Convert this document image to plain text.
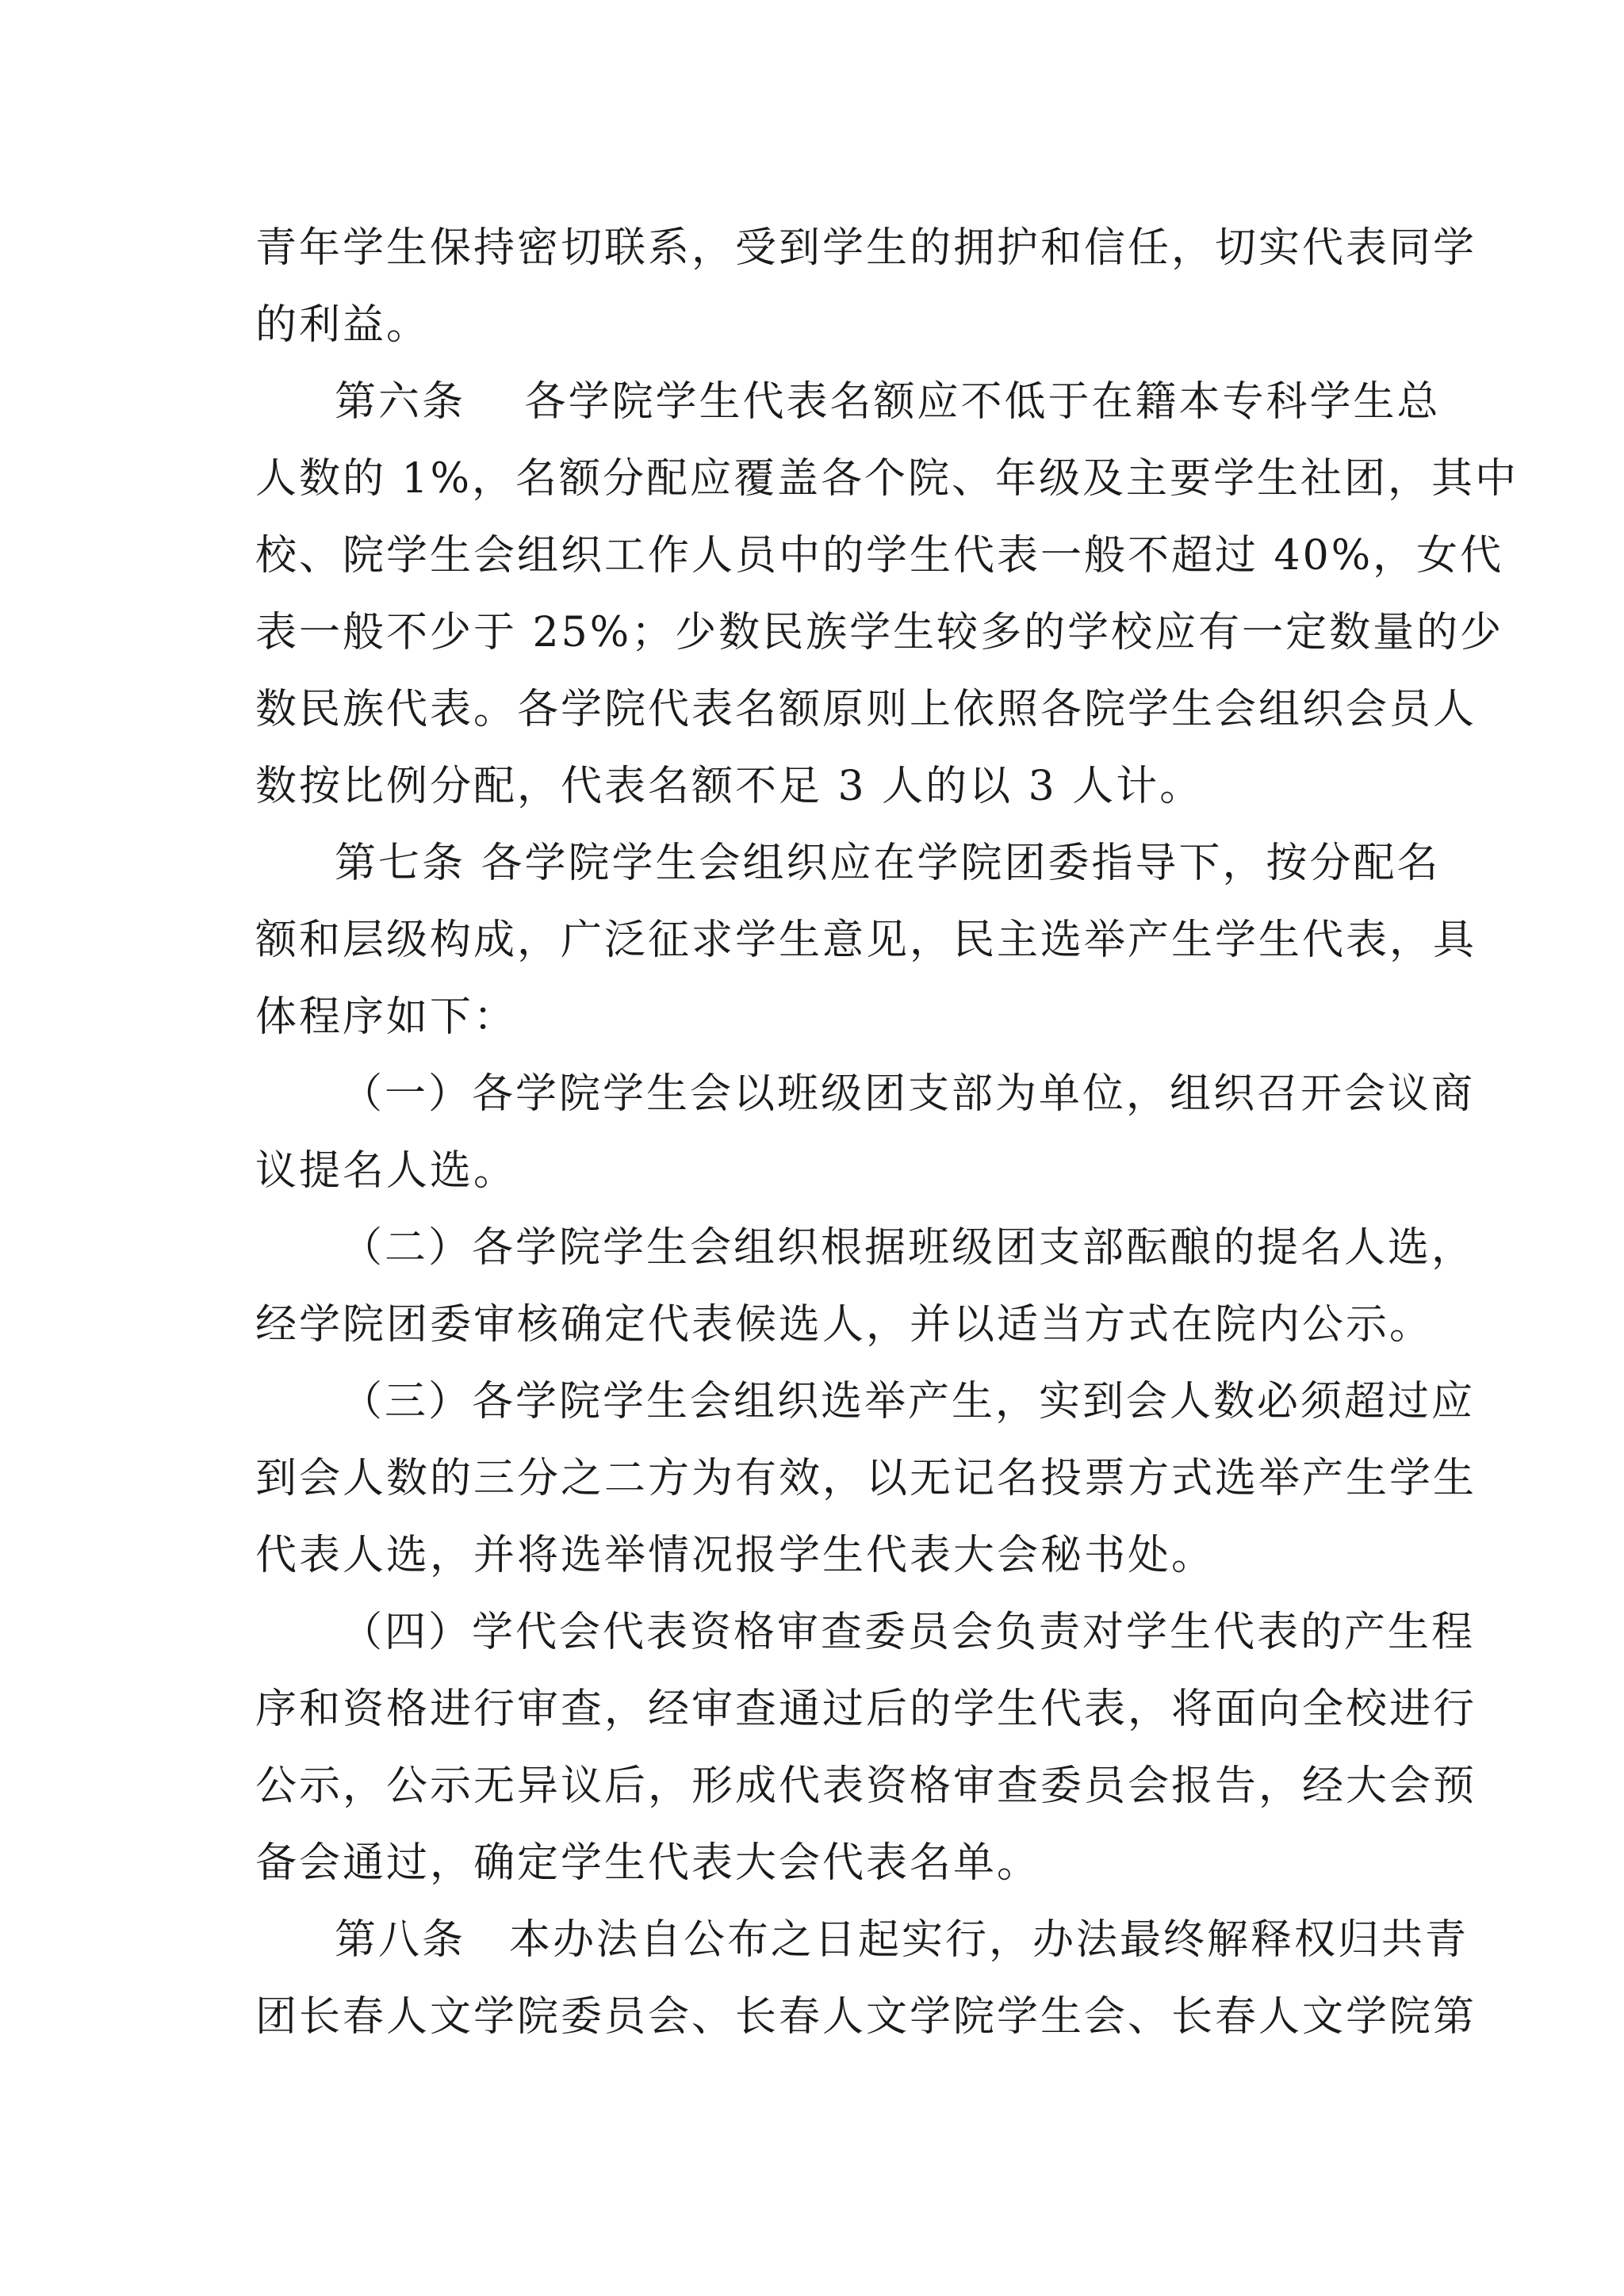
青年学生保持密切联系，受到学生的拥护和信任，切实代表同学
的利益。
第六条　 各学院学生代表名额应不低于在籍本专科学生总
人数的 1%，名额分配应覆盖各个院、年级及主要学生社团，其中
校、院学生会组织工作人员中的学生代表一般不超过 40%，女代
表一般不少于 25%；少数民族学生较多的学校应有一定数量的少
数民族代表。各学院代表名额原则上依照各院学生会组织会员人
数按比例分配，代表名额不足 3 人的以 3 人计。
第七条 各学院学生会组织应在学院团委指导下，按分配名
额和层级构成，广泛征求学生意见，民主选举产生学生代表，具
体程序如下：
（一）各学院学生会以班级团支部为单位，组织召开会议商
议提名人选。
（二）各学院学生会组织根据班级团支部酝酿的提名人选，
经学院团委审核确定代表候选人，并以适当方式在院内公示。
（三）各学院学生会组织选举产生，实到会人数必须超过应
到会人数的三分之二方为有效，以无记名投票方式选举产生学生
代表人选，并将选举情况报学生代表大会秘书处。
（四）学代会代表资格审查委员会负责对学生代表的产生程
序和资格进行审查，经审查通过后的学生代表，将面向全校进行
公示，公示无异议后，形成代表资格审查委员会报告，经大会预
备会通过，确定学生代表大会代表名单。
第八条　本办法自公布之日起实行，办法最终解释权归共青
团长春人文学院委员会、长春人文学院学生会、长春人文学院第
